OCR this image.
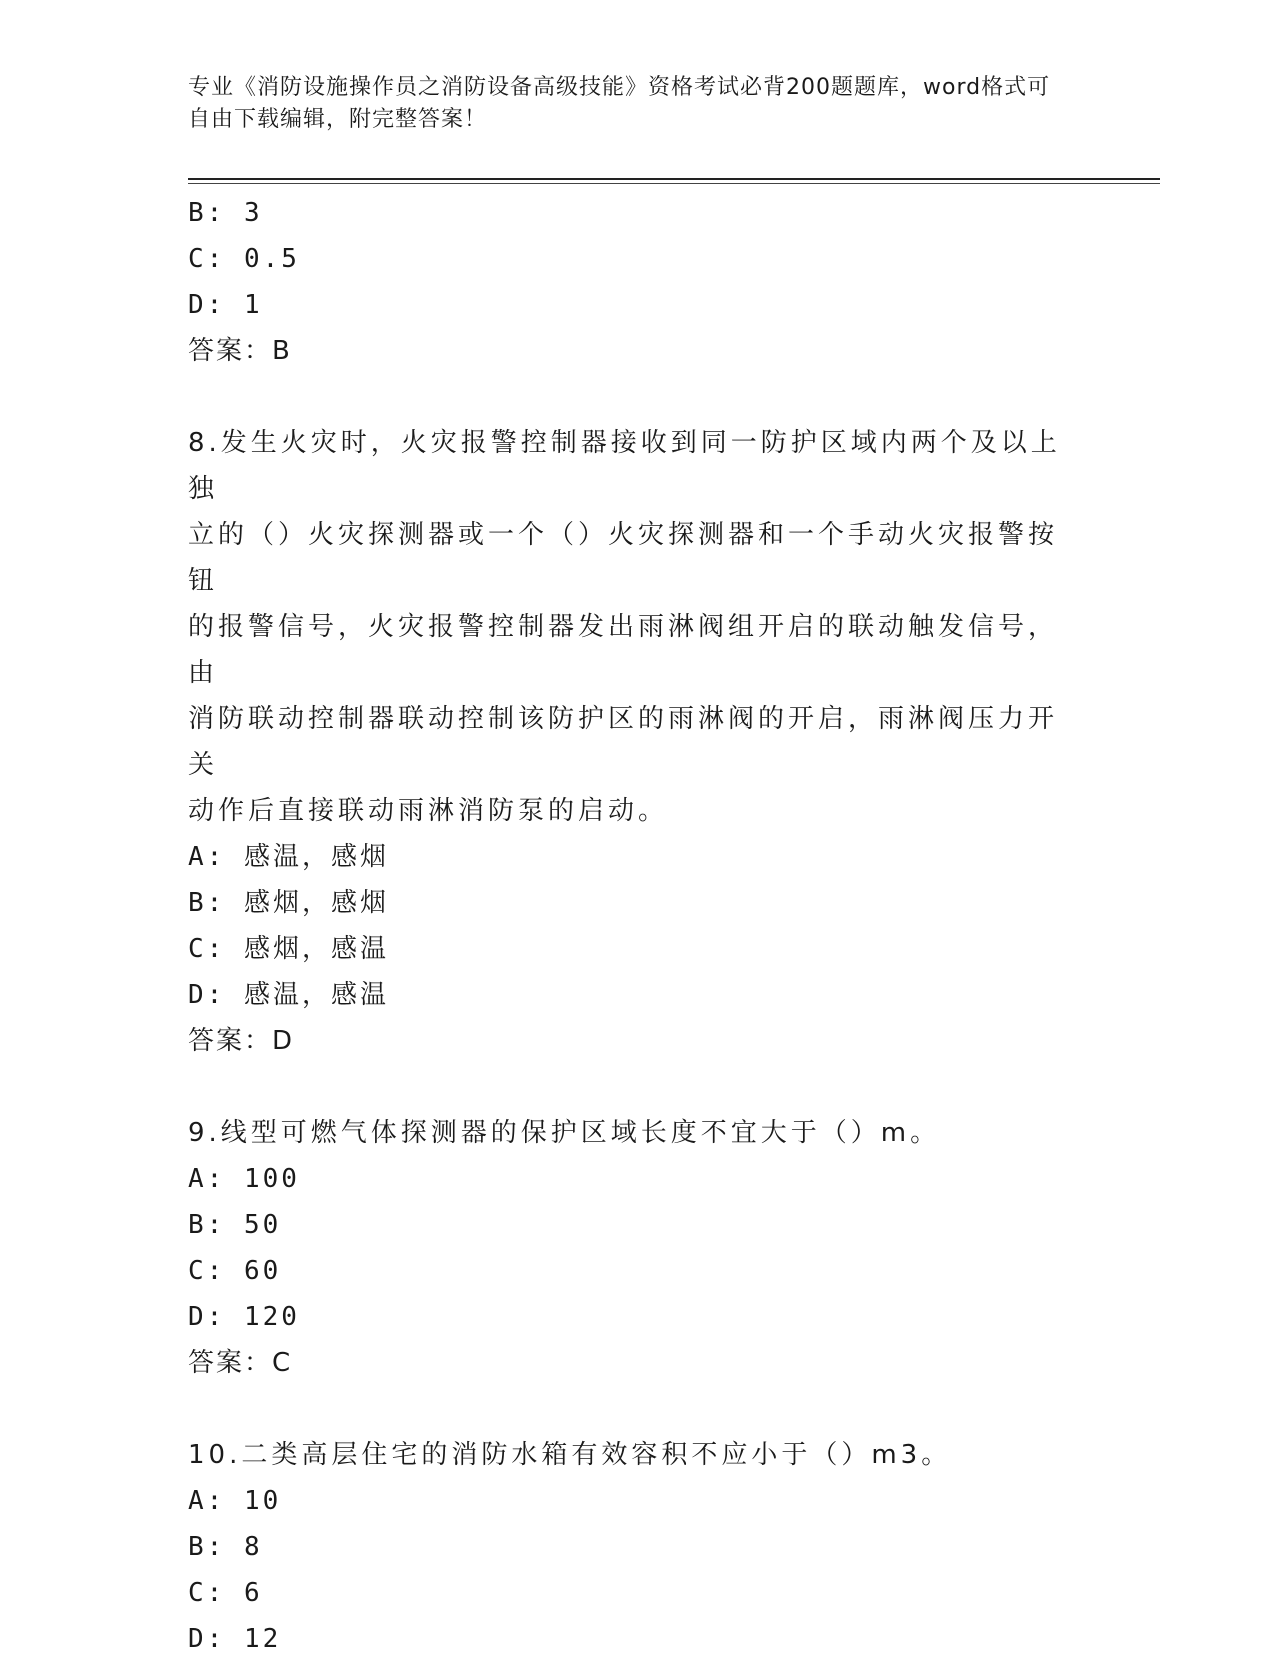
专业《消防设施操作员之消防设备高级技能》资格考试必背200题题库，word格式可自由下载编辑，附完整答案！
B: 3
C: 0.5
D: 1
答案：B
8.发生火灾时，火灾报警控制器接收到同一防护区域内两个及以上独
立的（）火灾探测器或一个（）火灾探测器和一个手动火灾报警按钮
的报警信号，火灾报警控制器发出雨淋阀组开启的联动触发信号，由
消防联动控制器联动控制该防护区的雨淋阀的开启，雨淋阀压力开关
动作后直接联动雨淋消防泵的启动。
A: 感温，感烟
B: 感烟，感烟
C: 感烟，感温
D: 感温，感温
答案：D
9.线型可燃气体探测器的保护区域长度不宜大于（）m。
A: 100
B: 50
C: 60
D: 120
答案：C
10.二类高层住宅的消防水箱有效容积不应小于（）m3。
A: 10
B: 8
C: 6
D: 12
